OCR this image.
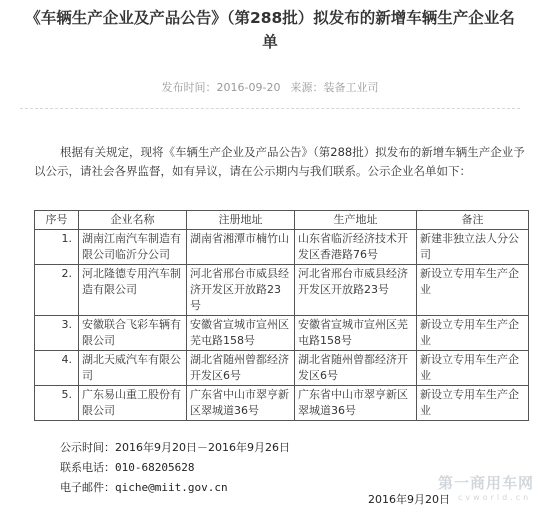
《车辆生产企业及产品公告》（第288批）拟发布的新增车辆生产企业名单
发布时间：2016-09-20 来源：装备工业司
根据有关规定，现将《车辆生产企业及产品公告》（第288批）拟发布的新增车辆生产企业予以公示，请社会各界监督，如有异议，请在公示期内与我们联系。公示企业名单如下：
序号	企业名称	注册地址	生产地址	备注
1.	湖南江南汽车制造有限公司临沂分公司	湖南省湘潭市楠竹山	山东省临沂经济技术开发区香港路76号	新建非独立法人分公司
2.	河北隆德专用汽车制造有限公司	河北省邢台市威县经济开发区开放路23号	河北省邢台市威县经济开发区开放路23号	新设立专用车生产企业
3.	安徽联合飞彩车辆有限公司	安徽省宣城市宣州区芜屯路158号	安徽省宣城市宣州区芜屯路158号	新设立专用车生产企业
4.	湖北天威汽车有限公司	湖北省随州曾都经济开发区6号	湖北省随州曾都经济开发区6号	新设立专用车生产企业
5.	广东易山重工股份有限公司	广东省中山市翠亨新区翠城道36号	广东省中山市翠亨新区翠城道36号	新设立专用车生产企业
公示时间：2016年9月20日－2016年9月26日
联系电话：010-68205628
电子邮件：qiche@miit.gov.cn
2016年9月20日
第一商用车网
cvworld.cn
